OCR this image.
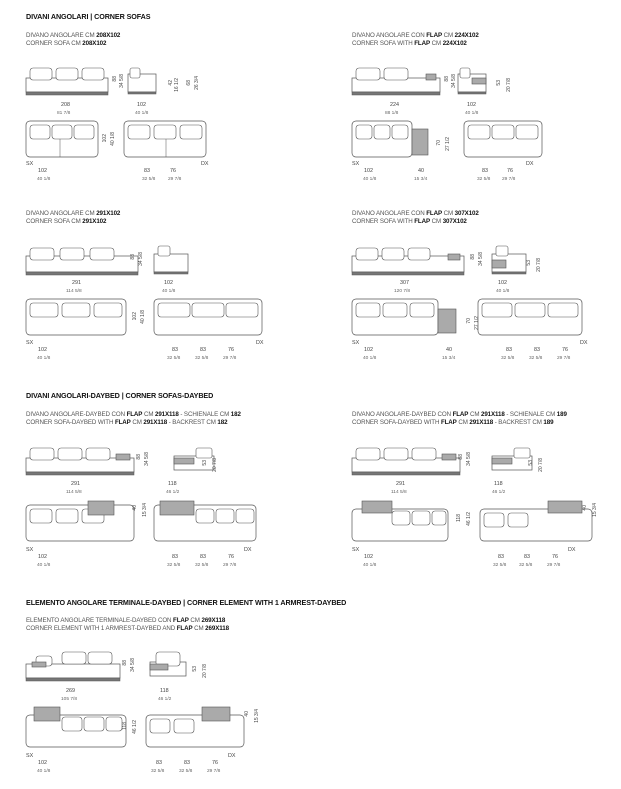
DIVANI ANGOLARI | CORNER SOFAS
DIVANO ANGOLARE CM 208X102
CORNER SOFA CM 208X102
88 34 5/8	42 16 1/2 68 26 3/4
208
81 7/8
102
40 1/8
102 40 1/8
SX	DX
102
40 1/8
83
32 5/8
76
29 7/8
DIVANO ANGOLARE CON FLAP CM 224X102
CORNER SOFA WITH FLAP CM 224X102
88 34 5/8	53 20 7/8
224
88 1/8
102
40 1/8
70 27 1/2
SX	DX
102
40 1/8
40
15 3/4
83
32 5/8
76
29 7/8
DIVANO ANGOLARE CM 291X102
CORNER SOFA CM 291X102
88 34 5/8
291
114 5/8
102
40 1/8
102 40 1/8
SX	DX
102
40 1/8
83
32 5/8
83
32 5/8
76
29 7/8
DIVANO ANGOLARE CON FLAP CM 307X102
CORNER SOFA WITH FLAP CM 307X102
88 34 5/8	53 20 7/8
307
120 7/8
102
40 1/8
70 27 1/2
SX	DX
102
40 1/8
40
15 3/4
83
32 5/8
83
32 5/8
76
29 7/8
DIVANI ANGOLARI-DAYBED | CORNER SOFAS-DAYBED
DIVANO ANGOLARE-DAYBED CON FLAP CM 291X118 - SCHIENALE CM 182
CORNER SOFA-DAYBED WITH FLAP CM 291X118 - BACKREST CM 182
88 34 5/8	53 20 7/8
291
114 5/8
118
46 1/2
40 15 3/4
SX	DX
102
40 1/8
83
32 5/8
83
32 5/8
76
29 7/8
DIVANO ANGOLARE-DAYBED CON FLAP CM 291X118 - SCHIENALE CM 189
CORNER SOFA-DAYBED WITH FLAP CM 291X118 - BACKREST CM 189
88 34 5/8	53 20 7/8
291
114 5/8
118
46 1/2
118 46 1/2
40 15 3/4
SX	DX
102
40 1/8
83
32 5/8
83
32 5/8
76
29 7/8
ELEMENTO ANGOLARE TERMINALE-DAYBED | CORNER ELEMENT WITH 1 ARMREST-DAYBED
ELEMENTO ANGOLARE TERMINALE-DAYBED CON FLAP CM 269X118
CORNER ELEMENT WITH 1 ARMREST-DAYBED AND FLAP CM 269X118
88 34 5/8	53 20 7/8
269
105 7/8
118
46 1/2
118 46 1/2
40 15 3/4
SX	DX
102
40 1/8
83
32 5/8
83
32 5/8
76
29 7/8
